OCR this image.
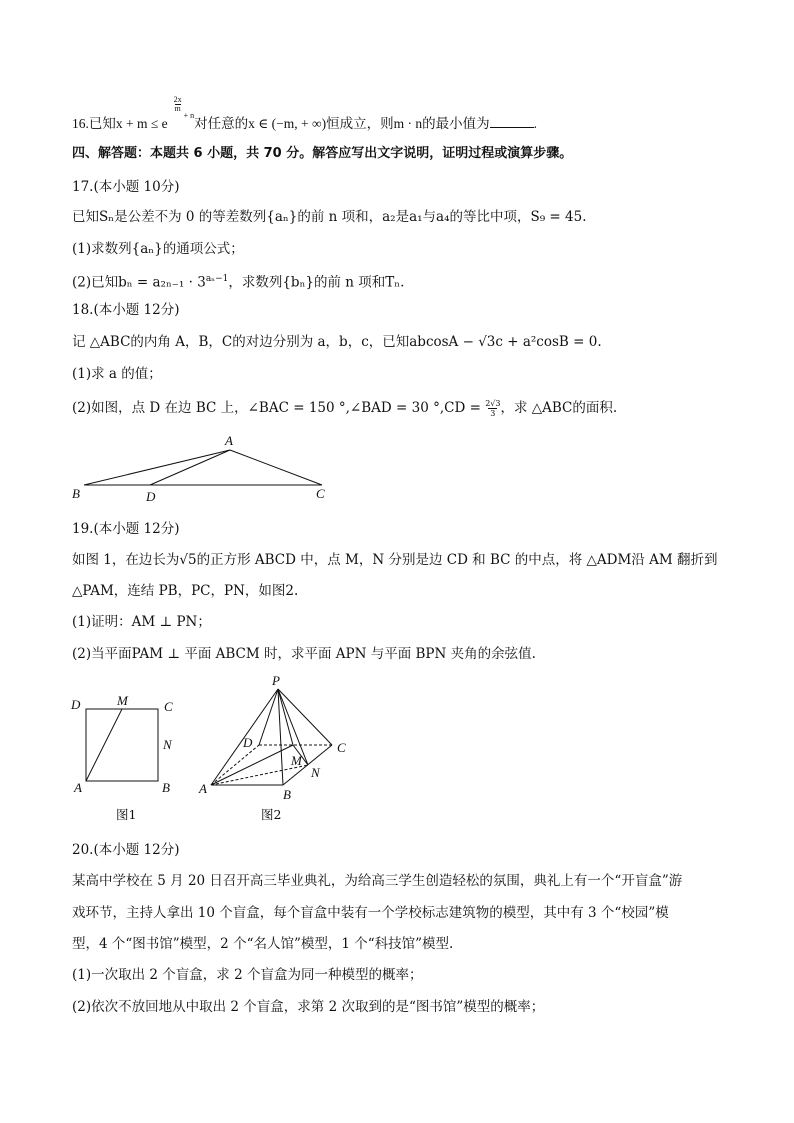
16.已知x + m ≤ e
$\frac{2x}{m}$
$^{+ n}$对任意的x ∈ (−m, + ∞)恒成立，则m · n的最小值为	.
四、解答题：本题共 6 小题，共 70 分。解答应写出文字说明，证明过程或演算步骤。
17.(本小题 10分)
已知Sₙ是公差不为 0 的等差数列{aₙ}的前 n 项和，a₂是a₁与a₄的等比中项，S₉ = 45.
(1)求数列{aₙ}的通项公式；
(2)已知$b_n = a_{2n-1} \cdot 3^{a_n-1}$，求数列{bₙ}的前 n 项和Tₙ.
18.(本小题 12分)
记 △ABC的内角 A，B，C的对边分别为 a，b，c，已知abcosA − √3c + a²cosB = 0.
(1)求 a 的值；
(2)如图，点 D 在边 BC 上，∠BAC = 150 °,∠BAD = 30 $^\circ,CD = \frac{2√3}{3}$，求 △ABC的面积.
A
B	D	C
19.(本小题 12分)
如图 1，在边长为√5的正方形 ABCD 中，点 M，N 分别是边 CD 和 BC 的中点，将 △ADM沿 AM 翻折到
△PAM，连结 PB，PC，PN，如图2.
(1)证明：AM ⊥ PN；
(2)当平面PAM ⊥ 平面 ABCM 时，求平面 APN 与平面 BPN 夹角的余弦值.
D	M	C
N
A	B
图1
P
D	C
M
N
A	B
图2
20.(本小题 12分)
某高中学校在 5 月 20 日召开高三毕业典礼，为给高三学生创造轻松的氛围，典礼上有一个“开盲盒”游
戏环节，主持人拿出 10 个盲盒，每个盲盒中装有一个学校标志建筑物的模型，其中有 3 个“校园”模
型，4 个“图书馆”模型，2 个“名人馆”模型，1 个“科技馆”模型.
(1)一次取出 2 个盲盒，求 2 个盲盒为同一种模型的概率；
(2)依次不放回地从中取出 2 个盲盒，求第 2 次取到的是“图书馆”模型的概率；
